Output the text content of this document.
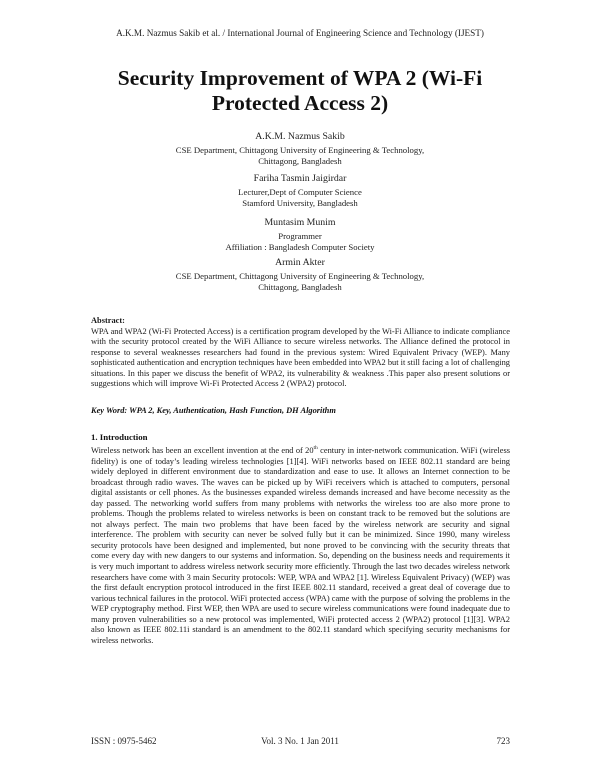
A.K.M. Nazmus Sakib et al. / International Journal of Engineering Science and Technology (IJEST)
Security Improvement of WPA 2 (Wi-Fi
Protected Access 2)
A.K.M. Nazmus Sakib
CSE Department, Chittagong University of Engineering & Technology,
Chittagong, Bangladesh
Fariha Tasmin Jaigirdar
Lecturer,Dept of Computer Science
Stamford University, Bangladesh
Muntasim Munim
Programmer
Affiliation : Bangladesh Computer Society
Armin Akter
CSE Department, Chittagong University of Engineering & Technology,
Chittagong, Bangladesh
Abstract:
WPA and WPA2 (Wi-Fi Protected Access) is a certification program developed by the Wi-Fi Alliance to indicate compliance with the security protocol created by the WiFi Alliance to secure wireless networks. The Alliance defined the protocol in response to several weaknesses researchers had found in the previous system: Wired Equivalent Privacy (WEP). Many sophisticated authentication and encryption techniques have been embedded into WPA2 but it still facing a lot of challenging situations. In this paper we discuss the benefit of WPA2, its vulnerability & weakness .This paper also present solutions or suggestions which will improve Wi-Fi Protected Access 2 (WPA2) protocol.
Key Word: WPA 2, Key, Authentication, Hash Function, DH Algorithm
1. Introduction
Wireless network has been an excellent invention at the end of 20th century in inter-network communication. WiFi (wireless fidelity) is one of today’s leading wireless technologies [1][4]. WiFi networks based on IEEE 802.11 standard are being widely deployed in different environment due to standardization and ease to use. It allows an Internet connection to be broadcast through radio waves. The waves can be picked up by WiFi receivers which is attached to computers, personal digital assistants or cell phones. As the businesses expanded wireless demands increased and have become necessity as the day passed. The networking world suffers from many problems with networks the wireless too are also more prone to problems. Though the problems related to wireless networks is been on constant track to be removed but the solutions are not always perfect. The main two problems that have been faced by the wireless network are security and signal interference. The problem with security can never be solved fully but it can be minimized. Since 1990, many wireless security protocols have been designed and implemented, but none proved to be convincing with the security threats that come every day with new dangers to our systems and information. So, depending on the business needs and requirements it is very much important to address wireless network security more efficiently. Through the last two decades wireless network researchers have come with 3 main Security protocols: WEP, WPA and WPA2 [1]. Wireless Equivalent Privacy) (WEP) was the first default encryption protocol introduced in the first IEEE 802.11 standard, received a great deal of coverage due to various technical failures in the protocol. WiFi protected access (WPA) came with the purpose of solving the problems in the WEP cryptography method. First WEP, then WPA are used to secure wireless communications were found inadequate due to many proven vulnerabilities so a new protocol was implemented, WiFi protected access 2 (WPA2) protocol [1][3]. WPA2 also known as IEEE 802.11i standard is an amendment to the 802.11 standard which specifying security mechanisms for wireless networks.
ISSN : 0975-5462	Vol. 3 No. 1 Jan 2011	723
